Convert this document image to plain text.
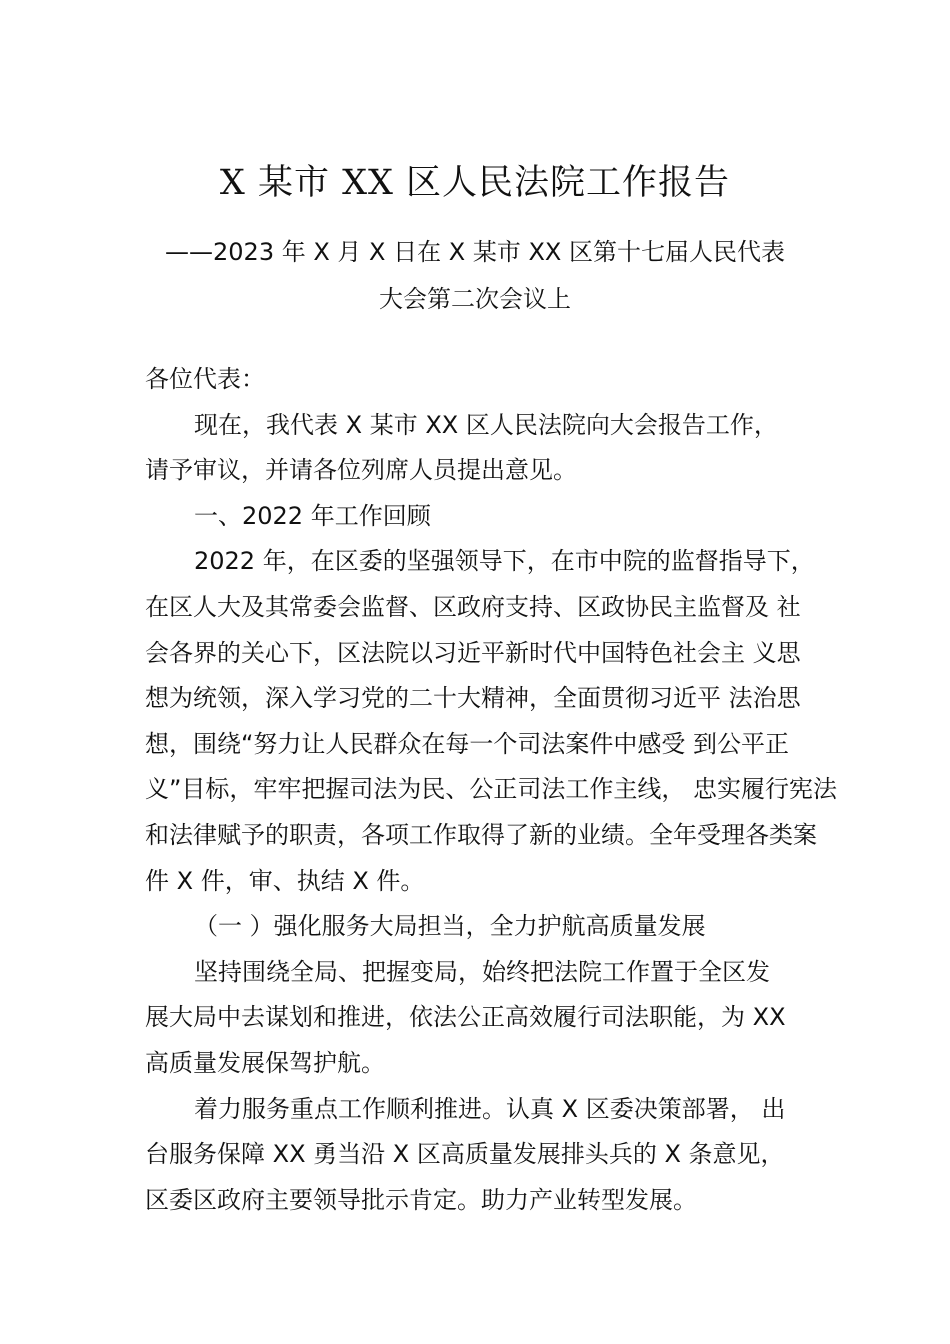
X 某市 XX 区人民法院工作报告
——2023 年 X 月 X 日在 X 某市 XX 区第十七届人民代表
大会第二次会议上
各位代表：
现在，我代表 X 某市 XX 区人民法院向大会报告工作，
请予审议，并请各位列席人员提出意见。
一、2022 年工作回顾
2022 年，在区委的坚强领导下，在市中院的监督指导下，
在区人大及其常委会监督、区政府支持、区政协民主监督及 社
会各界的关心下，区法院以习近平新时代中国特色社会主 义思
想为统领，深入学习党的二十大精神，全面贯彻习近平 法治思
想，围绕“努力让人民群众在每一个司法案件中感受 到公平正
义”目标，牢牢把握司法为民、公正司法工作主线， 忠实履行宪法
和法律赋予的职责，各项工作取得了新的业绩。全年受理各类案
件 X 件，审、执结 X 件。
（一 ）强化服务大局担当，全力护航高质量发展
坚持围绕全局、把握变局，始终把法院工作置于全区发
展大局中去谋划和推进，依法公正高效履行司法职能，为 XX
高质量发展保驾护航。
着力服务重点工作顺利推进。认真 X 区委决策部署， 出
台服务保障 XX 勇当沿 X 区高质量发展排头兵的 X 条意见，
区委区政府主要领导批示肯定。助力产业转型发展。
